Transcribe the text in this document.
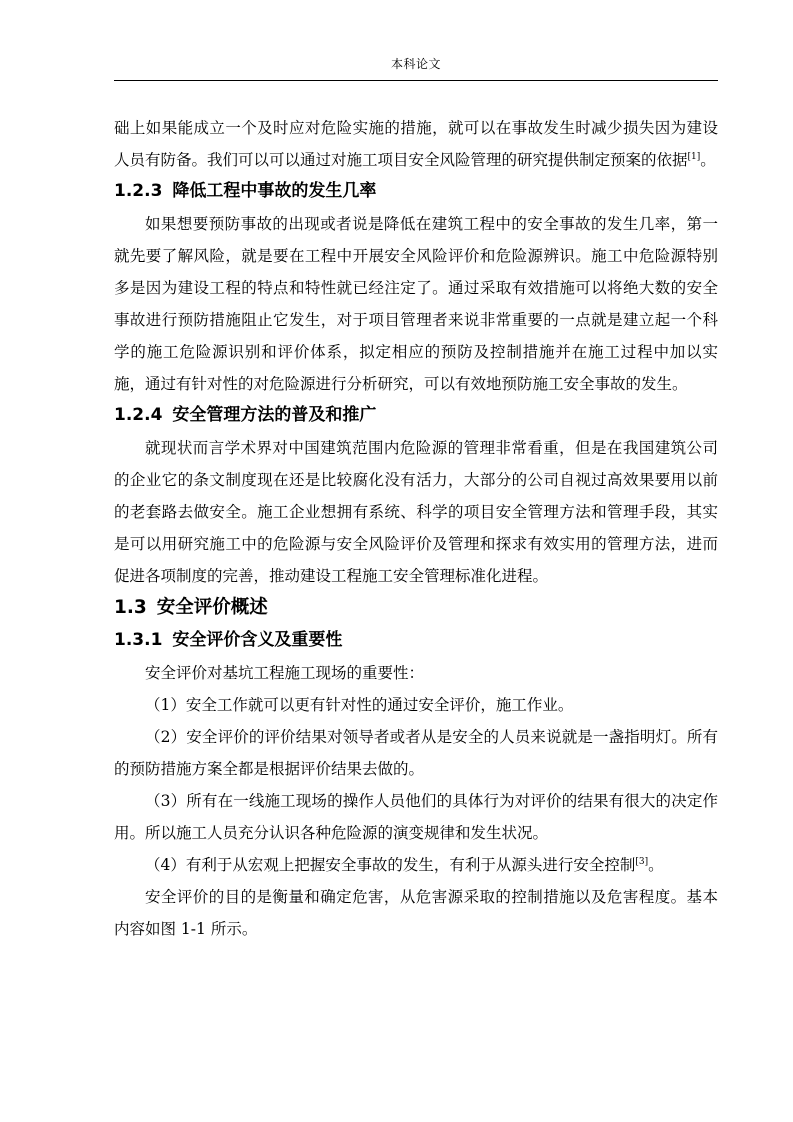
本科论文

础上如果能成立一个及时应对危险实施的措施，就可以在事故发生时减少损失因为建设人员有防备。我们可以可以通过对施工项目安全风险管理的研究提供制定预案的依据[1]。

1.2.3 降低工程中事故的发生几率

如果想要预防事故的出现或者说是降低在建筑工程中的安全事故的发生几率，第一就先要了解风险，就是要在工程中开展安全风险评价和危险源辨识。施工中危险源特别多是因为建设工程的特点和特性就已经注定了。通过采取有效措施可以将绝大数的安全事故进行预防措施阻止它发生，对于项目管理者来说非常重要的一点就是建立起一个科学的施工危险源识别和评价体系，拟定相应的预防及控制措施并在施工过程中加以实施，通过有针对性的对危险源进行分析研究，可以有效地预防施工安全事故的发生。

1.2.4 安全管理方法的普及和推广

就现状而言学术界对中国建筑范围内危险源的管理非常看重，但是在我国建筑公司的企业它的条文制度现在还是比较腐化没有活力，大部分的公司自视过高效果要用以前的老套路去做安全。施工企业想拥有系统、科学的项目安全管理方法和管理手段，其实是可以用研究施工中的危险源与安全风险评价及管理和探求有效实用的管理方法，进而促进各项制度的完善，推动建设工程施工安全管理标准化进程。

1.3 安全评价概述
1.3.1 安全评价含义及重要性

安全评价对基坑工程施工现场的重要性：

（1）安全工作就可以更有针对性的通过安全评价，施工作业。

（2）安全评价的评价结果对领导者或者从是安全的人员来说就是一盏指明灯。所有的预防措施方案全都是根据评价结果去做的。

（3）所有在一线施工现场的操作人员他们的具体行为对评价的结果有很大的决定作用。所以施工人员充分认识各种危险源的演变规律和发生状况。

（4）有利于从宏观上把握安全事故的发生，有利于从源头进行安全控制[3]。

安全评价的目的是衡量和确定危害，从危害源采取的控制措施以及危害程度。基本内容如图 1-1 所示。
